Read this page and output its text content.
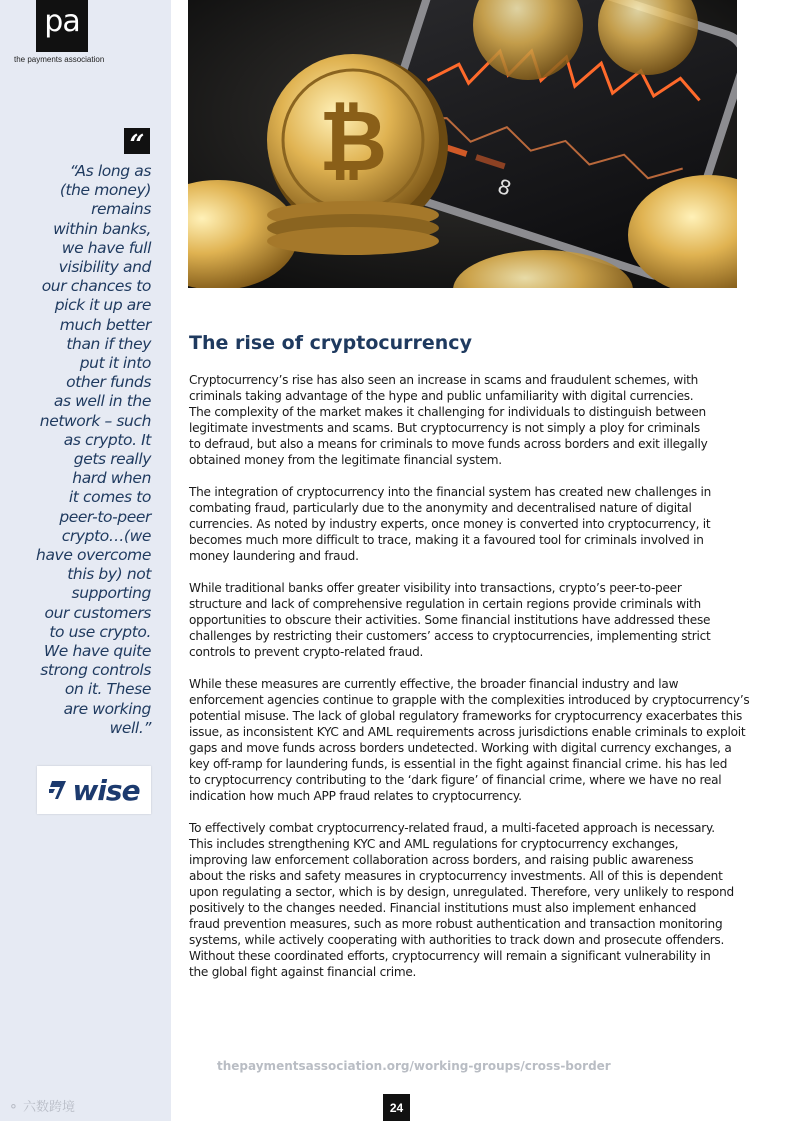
pa
the payments association
“
“As long as
(the money)
remains
within banks,
we have full
visibility and
our chances to
pick it up are
much better
than if they
put it into
other funds
as well in the
network – such
as crypto. It
gets really
hard when
it comes to
peer-to-peer
crypto…(we
have overcome
this by) not
supporting
our customers
to use crypto.
We have quite
strong controls
on it. These
are working
well.”
wise
⚬ 六数跨境
8
₿
The rise of cryptocurrency

Cryptocurrency’s rise has also seen an increase in scams and fraudulent schemes, with
criminals taking advantage of the hype and public unfamiliarity with digital currencies.
The complexity of the market makes it challenging for individuals to distinguish between
legitimate investments and scams. But cryptocurrency is not simply a ploy for criminals
to defraud, but also a means for criminals to move funds across borders and exit illegally
obtained money from the legitimate financial system.

The integration of cryptocurrency into the financial system has created new challenges in
combating fraud, particularly due to the anonymity and decentralised nature of digital
currencies. As noted by industry experts, once money is converted into cryptocurrency, it
becomes much more difficult to trace, making it a favoured tool for criminals involved in
money laundering and fraud.

While traditional banks offer greater visibility into transactions, crypto’s peer-to-peer
structure and lack of comprehensive regulation in certain regions provide criminals with
opportunities to obscure their activities. Some financial institutions have addressed these
challenges by restricting their customers’ access to cryptocurrencies, implementing strict
controls to prevent crypto-related fraud.

While these measures are currently effective, the broader financial industry and law
enforcement agencies continue to grapple with the complexities introduced by cryptocurrency’s
potential misuse. The lack of global regulatory frameworks for cryptocurrency exacerbates this
issue, as inconsistent KYC and AML requirements across jurisdictions enable criminals to exploit
gaps and move funds across borders undetected. Working with digital currency exchanges, a
key off-ramp for laundering funds, is essential in the fight against financial crime. his has led
to cryptocurrency contributing to the ‘dark figure’ of financial crime, where we have no real
indication how much APP fraud relates to cryptocurrency.

To effectively combat cryptocurrency-related fraud, a multi-faceted approach is necessary.
This includes strengthening KYC and AML regulations for cryptocurrency exchanges,
improving law enforcement collaboration across borders, and raising public awareness
about the risks and safety measures in cryptocurrency investments. All of this is dependent
upon regulating a sector, which is by design, unregulated. Therefore, very unlikely to respond
positively to the changes needed. Financial institutions must also implement enhanced
fraud prevention measures, such as more robust authentication and transaction monitoring
systems, while actively cooperating with authorities to track down and prosecute offenders.
Without these coordinated efforts, cryptocurrency will remain a significant vulnerability in
the global fight against financial crime.

thepaymentsassociation.org/working-groups/cross-border
24
